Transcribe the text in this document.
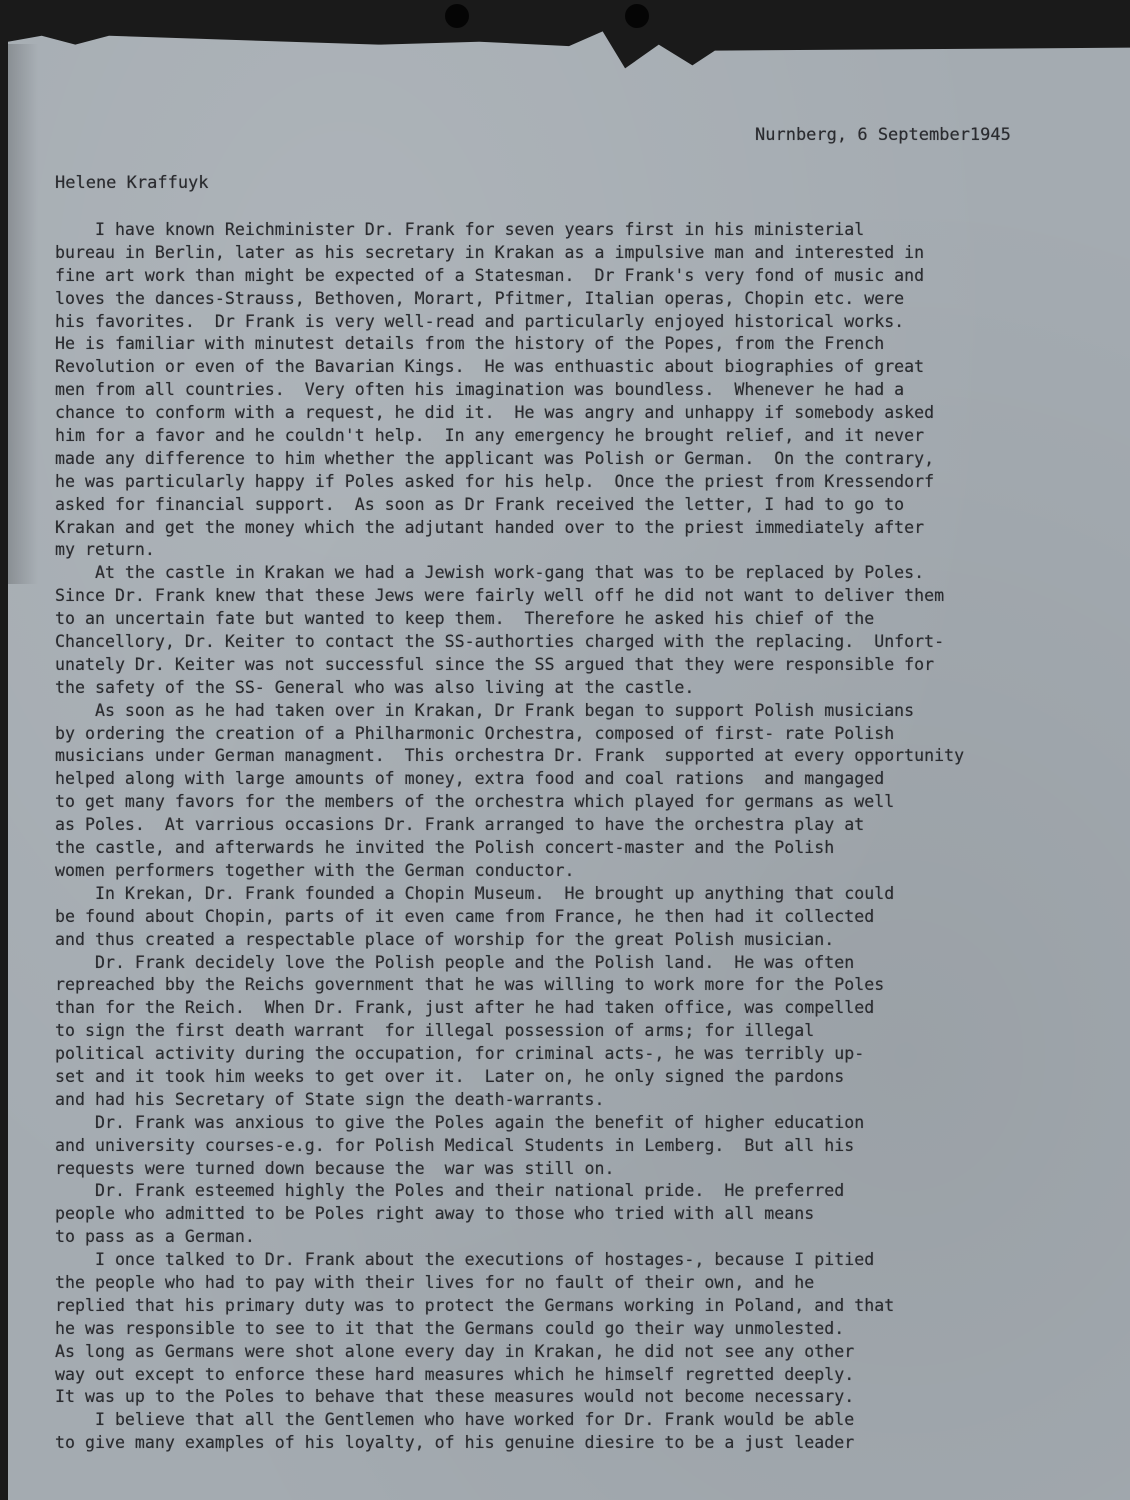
Nurnberg, 6 September1945
Helene Kraffuyk
I have known Reichminister Dr. Frank for seven years first in his ministerial
bureau in Berlin, later as his secretary in Krakan as a impulsive man and interested in
fine art work than might be expected of a Statesman.  Dr Frank's very fond of music and
loves the dances-Strauss, Bethoven, Morart, Pfitmer, Italian operas, Chopin etc. were
his favorites.  Dr Frank is very well-read and particularly enjoyed historical works.
He is familiar with minutest details from the history of the Popes, from the French
Revolution or even of the Bavarian Kings.  He was enthuastic about biographies of great
men from all countries.  Very often his imagination was boundless.  Whenever he had a
chance to conform with a request, he did it.  He was angry and unhappy if somebody asked
him for a favor and he couldn't help.  In any emergency he brought relief, and it never
made any difference to him whether the applicant was Polish or German.  On the contrary,
he was particularly happy if Poles asked for his help.  Once the priest from Kressendorf
asked for financial support.  As soon as Dr Frank received the letter, I had to go to
Krakan and get the money which the adjutant handed over to the priest immediately after
my return.
At the castle in Krakan we had a Jewish work-gang that was to be replaced by Poles.
Since Dr. Frank knew that these Jews were fairly well off he did not want to deliver them
to an uncertain fate but wanted to keep them.  Therefore he asked his chief of the
Chancellory, Dr. Keiter to contact the SS-authorties charged with the replacing.  Unfort-
unately Dr. Keiter was not successful since the SS argued that they were responsible for
the safety of the SS- General who was also living at the castle.
As soon as he had taken over in Krakan, Dr Frank began to support Polish musicians
by ordering the creation of a Philharmonic Orchestra, composed of first- rate Polish
musicians under German managment.  This orchestra Dr. Frank  supported at every opportunity
helped along with large amounts of money, extra food and coal rations  and mangaged
to get many favors for the members of the orchestra which played for germans as well
as Poles.  At varrious occasions Dr. Frank arranged to have the orchestra play at
the castle, and afterwards he invited the Polish concert-master and the Polish
women performers together with the German conductor.
In Krekan, Dr. Frank founded a Chopin Museum.  He brought up anything that could
be found about Chopin, parts of it even came from France, he then had it collected
and thus created a respectable place of worship for the great Polish musician.
Dr. Frank decidely love the Polish people and the Polish land.  He was often
repreached bby the Reichs government that he was willing to work more for the Poles
than for the Reich.  When Dr. Frank, just after he had taken office, was compelled
to sign the first death warrant  for illegal possession of arms; for illegal
political activity during the occupation, for criminal acts-, he was terribly up-
set and it took him weeks to get over it.  Later on, he only signed the pardons
and had his Secretary of State sign the death-warrants.
Dr. Frank was anxious to give the Poles again the benefit of higher education
and university courses-e.g. for Polish Medical Students in Lemberg.  But all his
requests were turned down because the  war was still on.
Dr. Frank esteemed highly the Poles and their national pride.  He preferred
people who admitted to be Poles right away to those who tried with all means
to pass as a German.
I once talked to Dr. Frank about the executions of hostages-, because I pitied
the people who had to pay with their lives for no fault of their own, and he
replied that his primary duty was to protect the Germans working in Poland, and that
he was responsible to see to it that the Germans could go their way unmolested.
As long as Germans were shot alone every day in Krakan, he did not see any other
way out except to enforce these hard measures which he himself regretted deeply.
It was up to the Poles to behave that these measures would not become necessary.
I believe that all the Gentlemen who have worked for Dr. Frank would be able
to give many examples of his loyalty, of his genuine diesire to be a just leader
